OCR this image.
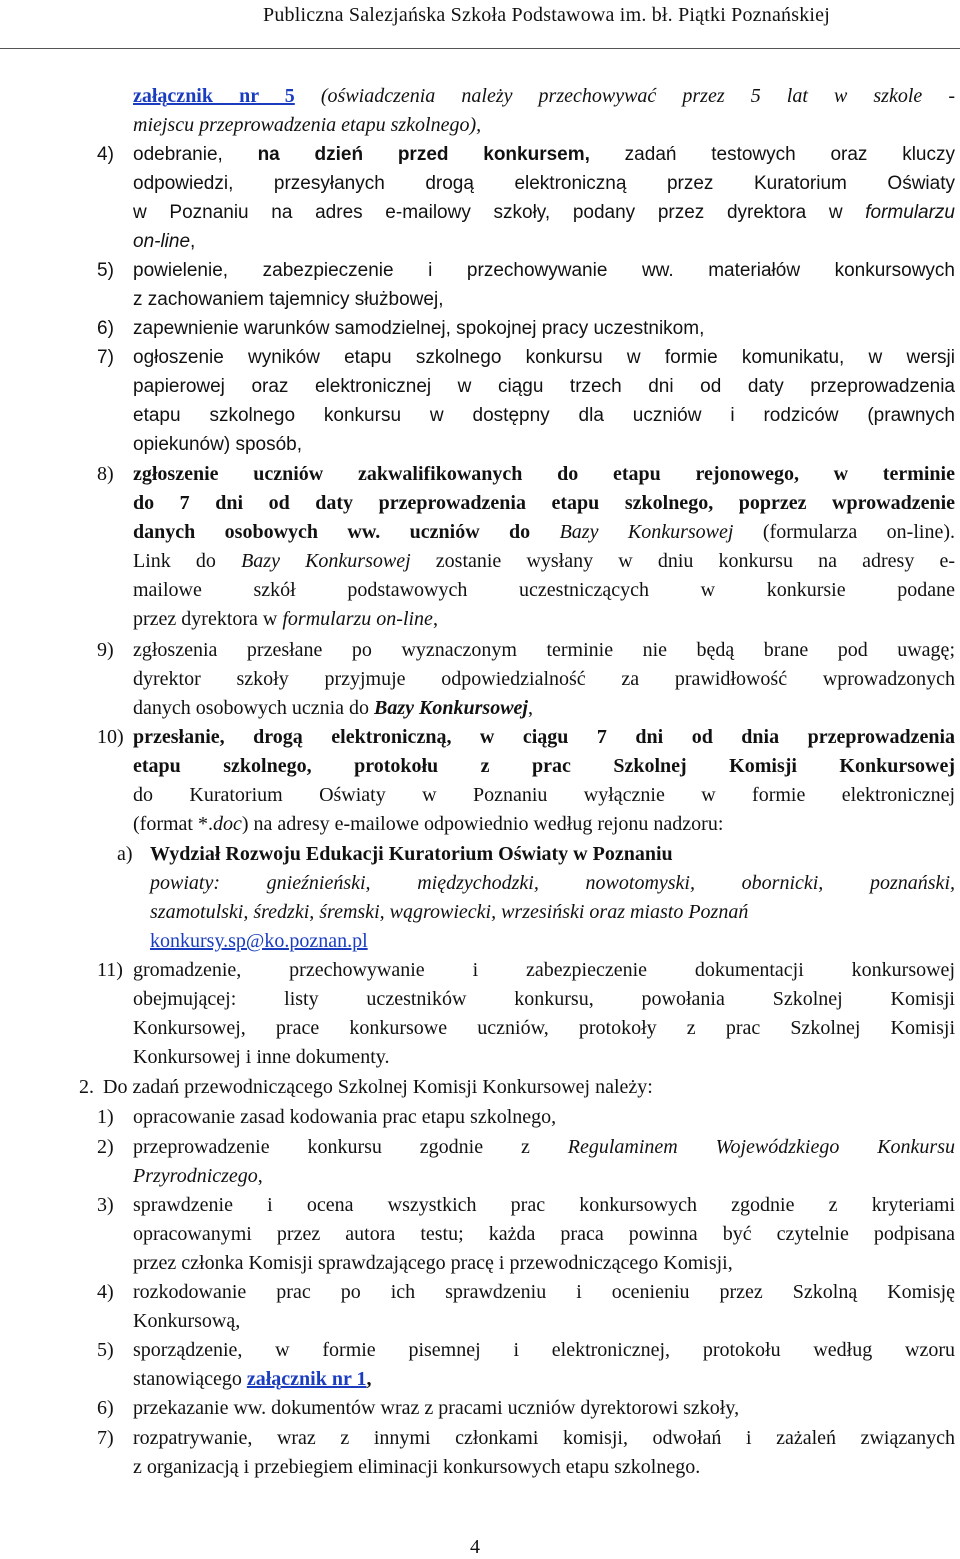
Publiczna Salezjańska Szkoła Podstawowa im. bł. Piątki Poznańskiej
załącznik nr 5 (oświadczenia należy przechowywać przez 5 lat w szkole -
miejscu przeprowadzenia etapu szkolnego),
4) odebranie, na dzień przed konkursem, zadań testowych oraz kluczy
odpowiedzi, przesyłanych drogą elektroniczną przez Kuratorium Oświaty
w Poznaniu na adres e-mailowy szkoły, podany przez dyrektora w formularzu
on-line,
5) powielenie, zabezpieczenie i przechowywanie ww. materiałów konkursowych
z zachowaniem tajemnicy służbowej,
6) zapewnienie warunków samodzielnej, spokojnej pracy uczestnikom,
7) ogłoszenie wyników etapu szkolnego konkursu w formie komunikatu, w wersji
papierowej oraz elektronicznej w ciągu trzech dni od daty przeprowadzenia
etapu szkolnego konkursu w dostępny dla uczniów i rodziców (prawnych
opiekunów) sposób,
8) zgłoszenie uczniów zakwalifikowanych do etapu rejonowego, w terminie
do 7 dni od daty przeprowadzenia etapu szkolnego, poprzez wprowadzenie
danych osobowych ww. uczniów do Bazy Konkursowej (formularza on-line).
Link do Bazy Konkursowej zostanie wysłany w dniu konkursu na adresy e-
mailowe szkół podstawowych uczestniczących w konkursie podane
przez dyrektora w formularzu on-line,
9) zgłoszenia przesłane po wyznaczonym terminie nie będą brane pod uwagę;
dyrektor szkoły przyjmuje odpowiedzialność za prawidłowość wprowadzonych
danych osobowych ucznia do Bazy Konkursowej,
10) przesłanie, drogą elektroniczną, w ciągu 7 dni od dnia przeprowadzenia
etapu szkolnego, protokołu z prac Szkolnej Komisji Konkursowej
do Kuratorium Oświaty w Poznaniu wyłącznie w formie elektronicznej
(format *.doc) na adresy e-mailowe odpowiednio według rejonu nadzoru:
a) Wydział Rozwoju Edukacji Kuratorium Oświaty w Poznaniu
powiaty: gnieźnieński, międzychodzki, nowotomyski, obornicki, poznański,
szamotulski, średzki, śremski, wągrowiecki, wrzesiński oraz miasto Poznań
konkursy.sp@ko.poznan.pl
11) gromadzenie, przechowywanie i zabezpieczenie dokumentacji konkursowej
obejmującej: listy uczestników konkursu, powołania Szkolnej Komisji
Konkursowej, prace konkursowe uczniów, protokoły z prac Szkolnej Komisji
Konkursowej i inne dokumenty.
2. Do zadań przewodniczącego Szkolnej Komisji Konkursowej należy:
1) opracowanie zasad kodowania prac etapu szkolnego,
2) przeprowadzenie konkursu zgodnie z Regulaminem Wojewódzkiego Konkursu
Przyrodniczego,
3) sprawdzenie i ocena wszystkich prac konkursowych zgodnie z kryteriami
opracowanymi przez autora testu; każda praca powinna być czytelnie podpisana
przez członka Komisji sprawdzającego pracę i przewodniczącego Komisji,
4) rozkodowanie prac po ich sprawdzeniu i ocenieniu przez Szkolną Komisję
Konkursową,
5) sporządzenie, w formie pisemnej i elektronicznej, protokołu według wzoru
stanowiącego załącznik nr 1,
6) przekazanie ww. dokumentów wraz z pracami uczniów dyrektorowi szkoły,
7) rozpatrywanie, wraz z innymi członkami komisji, odwołań i zażaleń związanych
z organizacją i przebiegiem eliminacji konkursowych etapu szkolnego.
4
